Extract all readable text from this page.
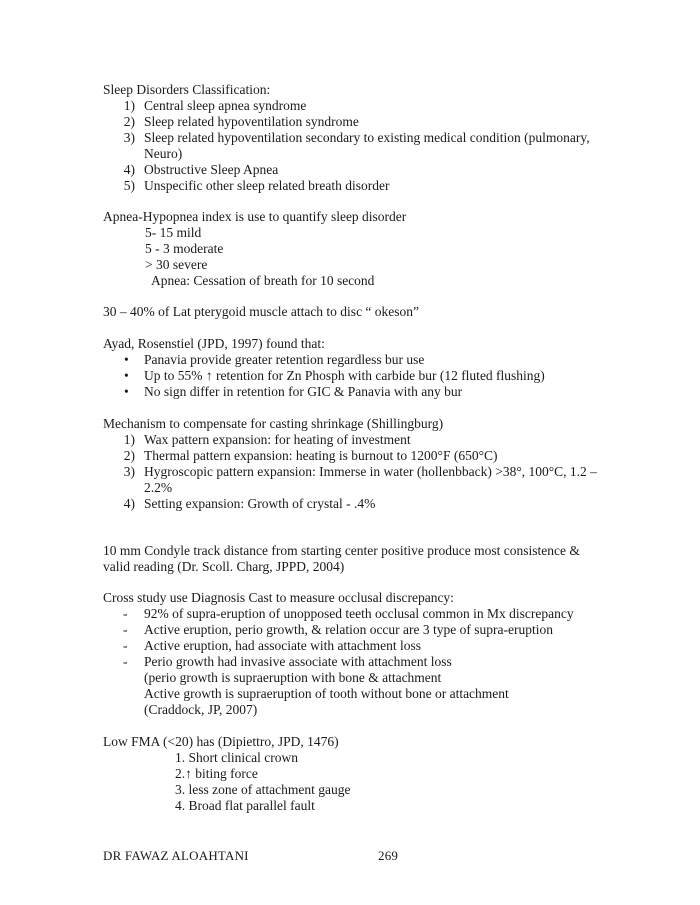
Sleep Disorders Classification:
1) Central sleep apnea syndrome
2) Sleep related hypoventilation syndrome
3) Sleep related hypoventilation secondary to existing medical condition (pulmonary,
Neuro)
4) Obstructive Sleep Apnea
5) Unspecific other sleep related breath disorder
Apnea-Hypopnea index is use to quantify sleep disorder
5- 15 mild
5 - 3 moderate
> 30 severe
Apnea: Cessation of breath for 10 second
30 – 40% of Lat pterygoid muscle attach to disc “ okeson”
Ayad, Rosenstiel (JPD, 1997) found that:
• Panavia provide greater retention regardless bur use
• Up to 55% ↑ retention for Zn Phosph with carbide bur (12 fluted flushing)
• No sign differ in retention for GIC & Panavia with any bur
Mechanism to compensate for casting shrinkage (Shillingburg)
1) Wax pattern expansion: for heating of investment
2) Thermal pattern expansion: heating is burnout to 1200°F (650°C)
3) Hygroscopic pattern expansion: Immerse in water (hollenbback) >38°, 100°C, 1.2 –
2.2%
4) Setting expansion: Growth of crystal - .4%
10 mm Condyle track distance from starting center positive produce most consistence &
valid reading (Dr. Scoll. Charg, JPPD, 2004)
Cross study use Diagnosis Cast to measure occlusal discrepancy:
- 92% of supra-eruption of unopposed teeth occlusal common in Mx discrepancy
- Active eruption, perio growth, & relation occur are 3 type of supra-eruption
- Active eruption, had associate with attachment loss
- Perio growth had invasive associate with attachment loss
(perio growth is supraeruption with bone & attachment
Active growth is supraeruption of tooth without bone or attachment
(Craddock, JP, 2007)
Low FMA (<20) has (Dipiettro, JPD, 1476)
1. Short clinical crown
2.↑ biting force
3. less zone of attachment gauge
4. Broad flat parallel fault
DR FAWAZ ALOAHTANI	269
